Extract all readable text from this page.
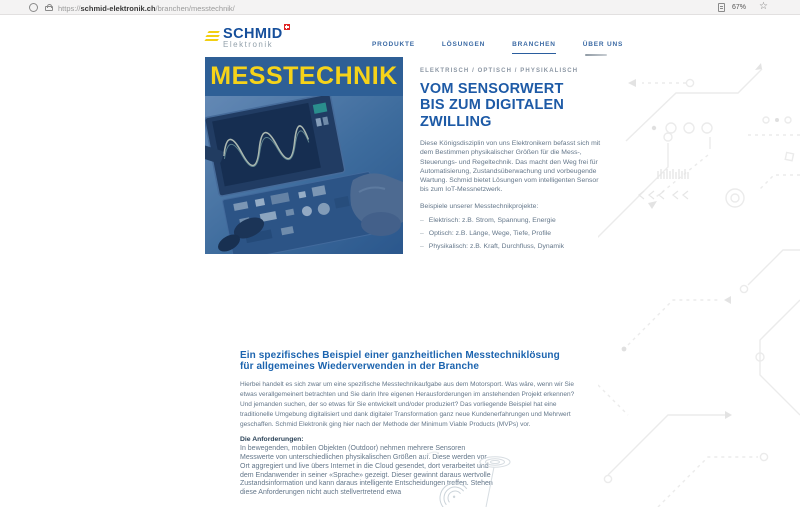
https://schmid-elektronik.ch/branchen/messtechnik/	67% ☆
SCHMID
Elektronik	PRODUKTE	LÖSUNGEN	BRANCHEN	ÜBER UNS
MESSTECHNIK	ELEKTRISCH / OPTISCH / PHYSIKALISCH
VOM SENSORWERT BIS ZUM DIGITALEN ZWILLING

Diese Königsdisziplin von uns Elektronikern befasst sich mit dem Bestimmen physikalischer Größen für die Mess-, Steuerungs- und Regeltechnik. Das macht den Weg frei für Automatisierung, Zustandsüberwachung und vorbeugende Wartung. Schmid bietet Lösungen vom intelligenten Sensor bis zum IoT-Messnetzwerk.

Beispiele unserer Messtechnikprojekte:

– Elektrisch: z.B. Strom, Spannung, Energie
– Optisch: z.B. Länge, Wege, Tiefe, Profile
– Physikalisch: z.B. Kraft, Durchfluss, Dynamik
Ein spezifisches Beispiel einer ganzheitlichen Messtechniklösung für allgemeines Wiederverwenden in der Branche

Hierbei handelt es sich zwar um eine spezifische Messtechnikaufgabe aus dem Motorsport. Was wäre, wenn wir Sie etwas verallgemeinert betrachten und Sie darin Ihre eigenen Herausforderungen im anstehenden Projekt erkennen? Und jemanden suchen, der so etwas für Sie entwickelt und/oder produziert? Das vorliegende Beispiel hat eine traditionelle Umgebung digitalisiert und dank digitaler Transformation ganz neue Kundenerfahrungen und Mehrwert geschaffen. Schmid Elektronik ging hier nach der Methode der Minimum Viable Products (MVPs) vor.

Die Anforderungen:

In bewegenden, mobilen Objekten (Outdoor) nehmen mehrere Sensoren Messwerte von unterschiedlichen physikalischen Größen auf. Diese werden vor Ort aggregiert und live übers Internet in die Cloud gesendet, dort verarbeitet und dem Endanwender in seiner «Sprache» gezeigt. Dieser gewinnt daraus wertvolle Zustandsinformation und kann daraus intelligente Entscheidungen treffen. Stehen diese Anforderungen nicht auch stellvertretend etwa
